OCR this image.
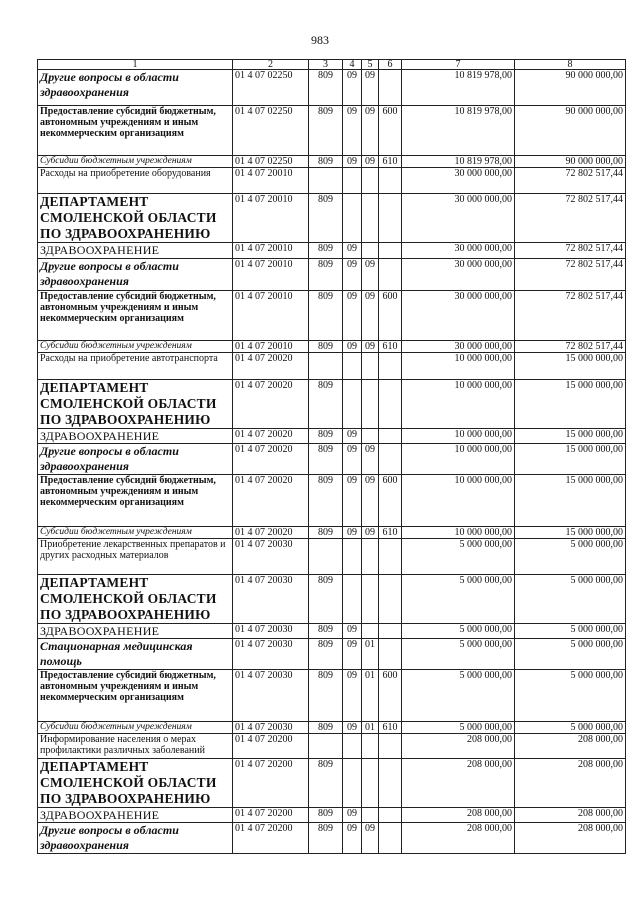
983
1	2	3	4	5	6	7	8
Другие вопросы в области здравоохранения	01 4 07 02250	809	09	09		10 819 978,00	90 000 000,00
Предоставление субсидий бюджетным, автономным учреждениям и иным некоммерческим организациям	01 4 07 02250	809	09	09	600	10 819 978,00	90 000 000,00
Субсидии бюджетным учреждениям	01 4 07 02250	809	09	09	610	10 819 978,00	90 000 000,00
Расходы на приобретение оборудования	01 4 07 20010					30 000 000,00	72 802 517,44
ДЕПАРТАМЕНТ СМОЛЕНСКОЙ ОБЛАСТИ ПО ЗДРАВООХРАНЕНИЮ	01 4 07 20010	809				30 000 000,00	72 802 517,44
ЗДРАВООХРАНЕНИЕ	01 4 07 20010	809	09			30 000 000,00	72 802 517,44
Другие вопросы в области здравоохранения	01 4 07 20010	809	09	09		30 000 000,00	72 802 517,44
Предоставление субсидий бюджетным, автономным учреждениям и иным некоммерческим организациям	01 4 07 20010	809	09	09	600	30 000 000,00	72 802 517,44
Субсидии бюджетным учреждениям	01 4 07 20010	809	09	09	610	30 000 000,00	72 802 517,44
Расходы на приобретение автотранспорта	01 4 07 20020					10 000 000,00	15 000 000,00
ДЕПАРТАМЕНТ СМОЛЕНСКОЙ ОБЛАСТИ ПО ЗДРАВООХРАНЕНИЮ	01 4 07 20020	809				10 000 000,00	15 000 000,00
ЗДРАВООХРАНЕНИЕ	01 4 07 20020	809	09			10 000 000,00	15 000 000,00
Другие вопросы в области здравоохранения	01 4 07 20020	809	09	09		10 000 000,00	15 000 000,00
Предоставление субсидий бюджетным, автономным учреждениям и иным некоммерческим организациям	01 4 07 20020	809	09	09	600	10 000 000,00	15 000 000,00
Субсидии бюджетным учреждениям	01 4 07 20020	809	09	09	610	10 000 000,00	15 000 000,00
Приобретение лекарственных препаратов и других расходных материалов	01 4 07 20030					5 000 000,00	5 000 000,00
ДЕПАРТАМЕНТ СМОЛЕНСКОЙ ОБЛАСТИ ПО ЗДРАВООХРАНЕНИЮ	01 4 07 20030	809				5 000 000,00	5 000 000,00
ЗДРАВООХРАНЕНИЕ	01 4 07 20030	809	09			5 000 000,00	5 000 000,00
Стационарная медицинская помощь	01 4 07 20030	809	09	01		5 000 000,00	5 000 000,00
Предоставление субсидий бюджетным, автономным учреждениям и иным некоммерческим организациям	01 4 07 20030	809	09	01	600	5 000 000,00	5 000 000,00
Субсидии бюджетным учреждениям	01 4 07 20030	809	09	01	610	5 000 000,00	5 000 000,00
Информирование населения о мерах профилактики различных заболеваний	01 4 07 20200					208 000,00	208 000,00
ДЕПАРТАМЕНТ СМОЛЕНСКОЙ ОБЛАСТИ ПО ЗДРАВООХРАНЕНИЮ	01 4 07 20200	809				208 000,00	208 000,00
ЗДРАВООХРАНЕНИЕ	01 4 07 20200	809	09			208 000,00	208 000,00
Другие вопросы в области здравоохранения	01 4 07 20200	809	09	09		208 000,00	208 000,00
